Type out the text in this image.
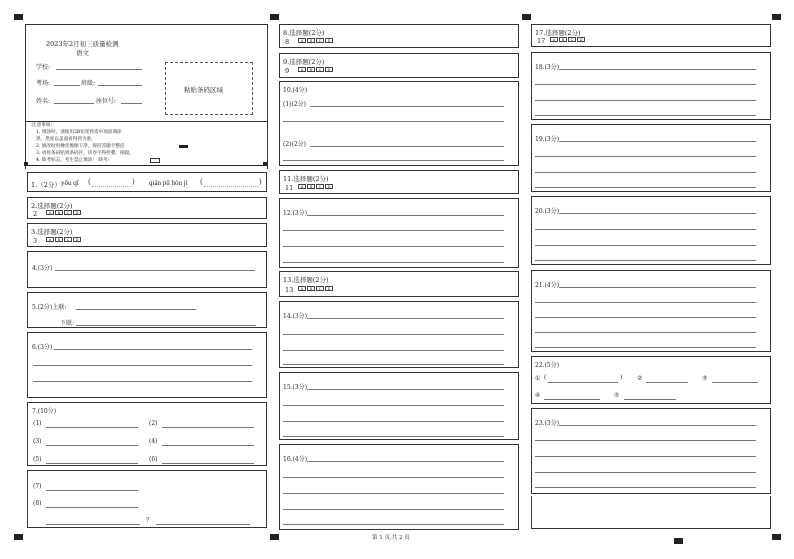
2023年2月初三质量检测
语文
学校:
考场:	班级:
姓名:	座位号:
粘贴条码区域
注意事项:
1. 填涂时，请使用2B铅笔将选中项涂满涂
黑，黑度以盖面看得到为准。
2. 修改时用橡皮擦擦干净，保持答题卡整洁
3. 请将条码贴到条码区，试卷不得折叠、困毁。
4. 缺考标志，考生禁止填涂！ 缺考:
1.（2分） yōu qī (	) qián pū hòu jì (	)
2.选择题(2分)
2	A	B	C	D
3.选择题(2分)
3	A	B	C	D
4.(3分)
5.(2分)上联:
下联:
6.(3分)
7.(10分)
(1)	(2)
(3)	(4)
(5)	(6)
(7)
(8)
?
8.选择题(2分)
8	A	B	C	D
9.选择题(2分)
9	A	B	C	D
10.(4分)
(1)(2分)
(2)(2分)
11.选择题(2分)
11	A	B	C	D
12.(3分)
13.选择题(2分)
13	A	B	C	D
14.(3分)
15.(3分)
16.(4分)
17.选择题(2分)
17	A	B	C	D
18.(3分)
19.(3分)
20.(3分)
21.(4分)
22.(5分)
① (	) ②	③
④	⑤
23.(3分)
第 1 页,共 2 页
